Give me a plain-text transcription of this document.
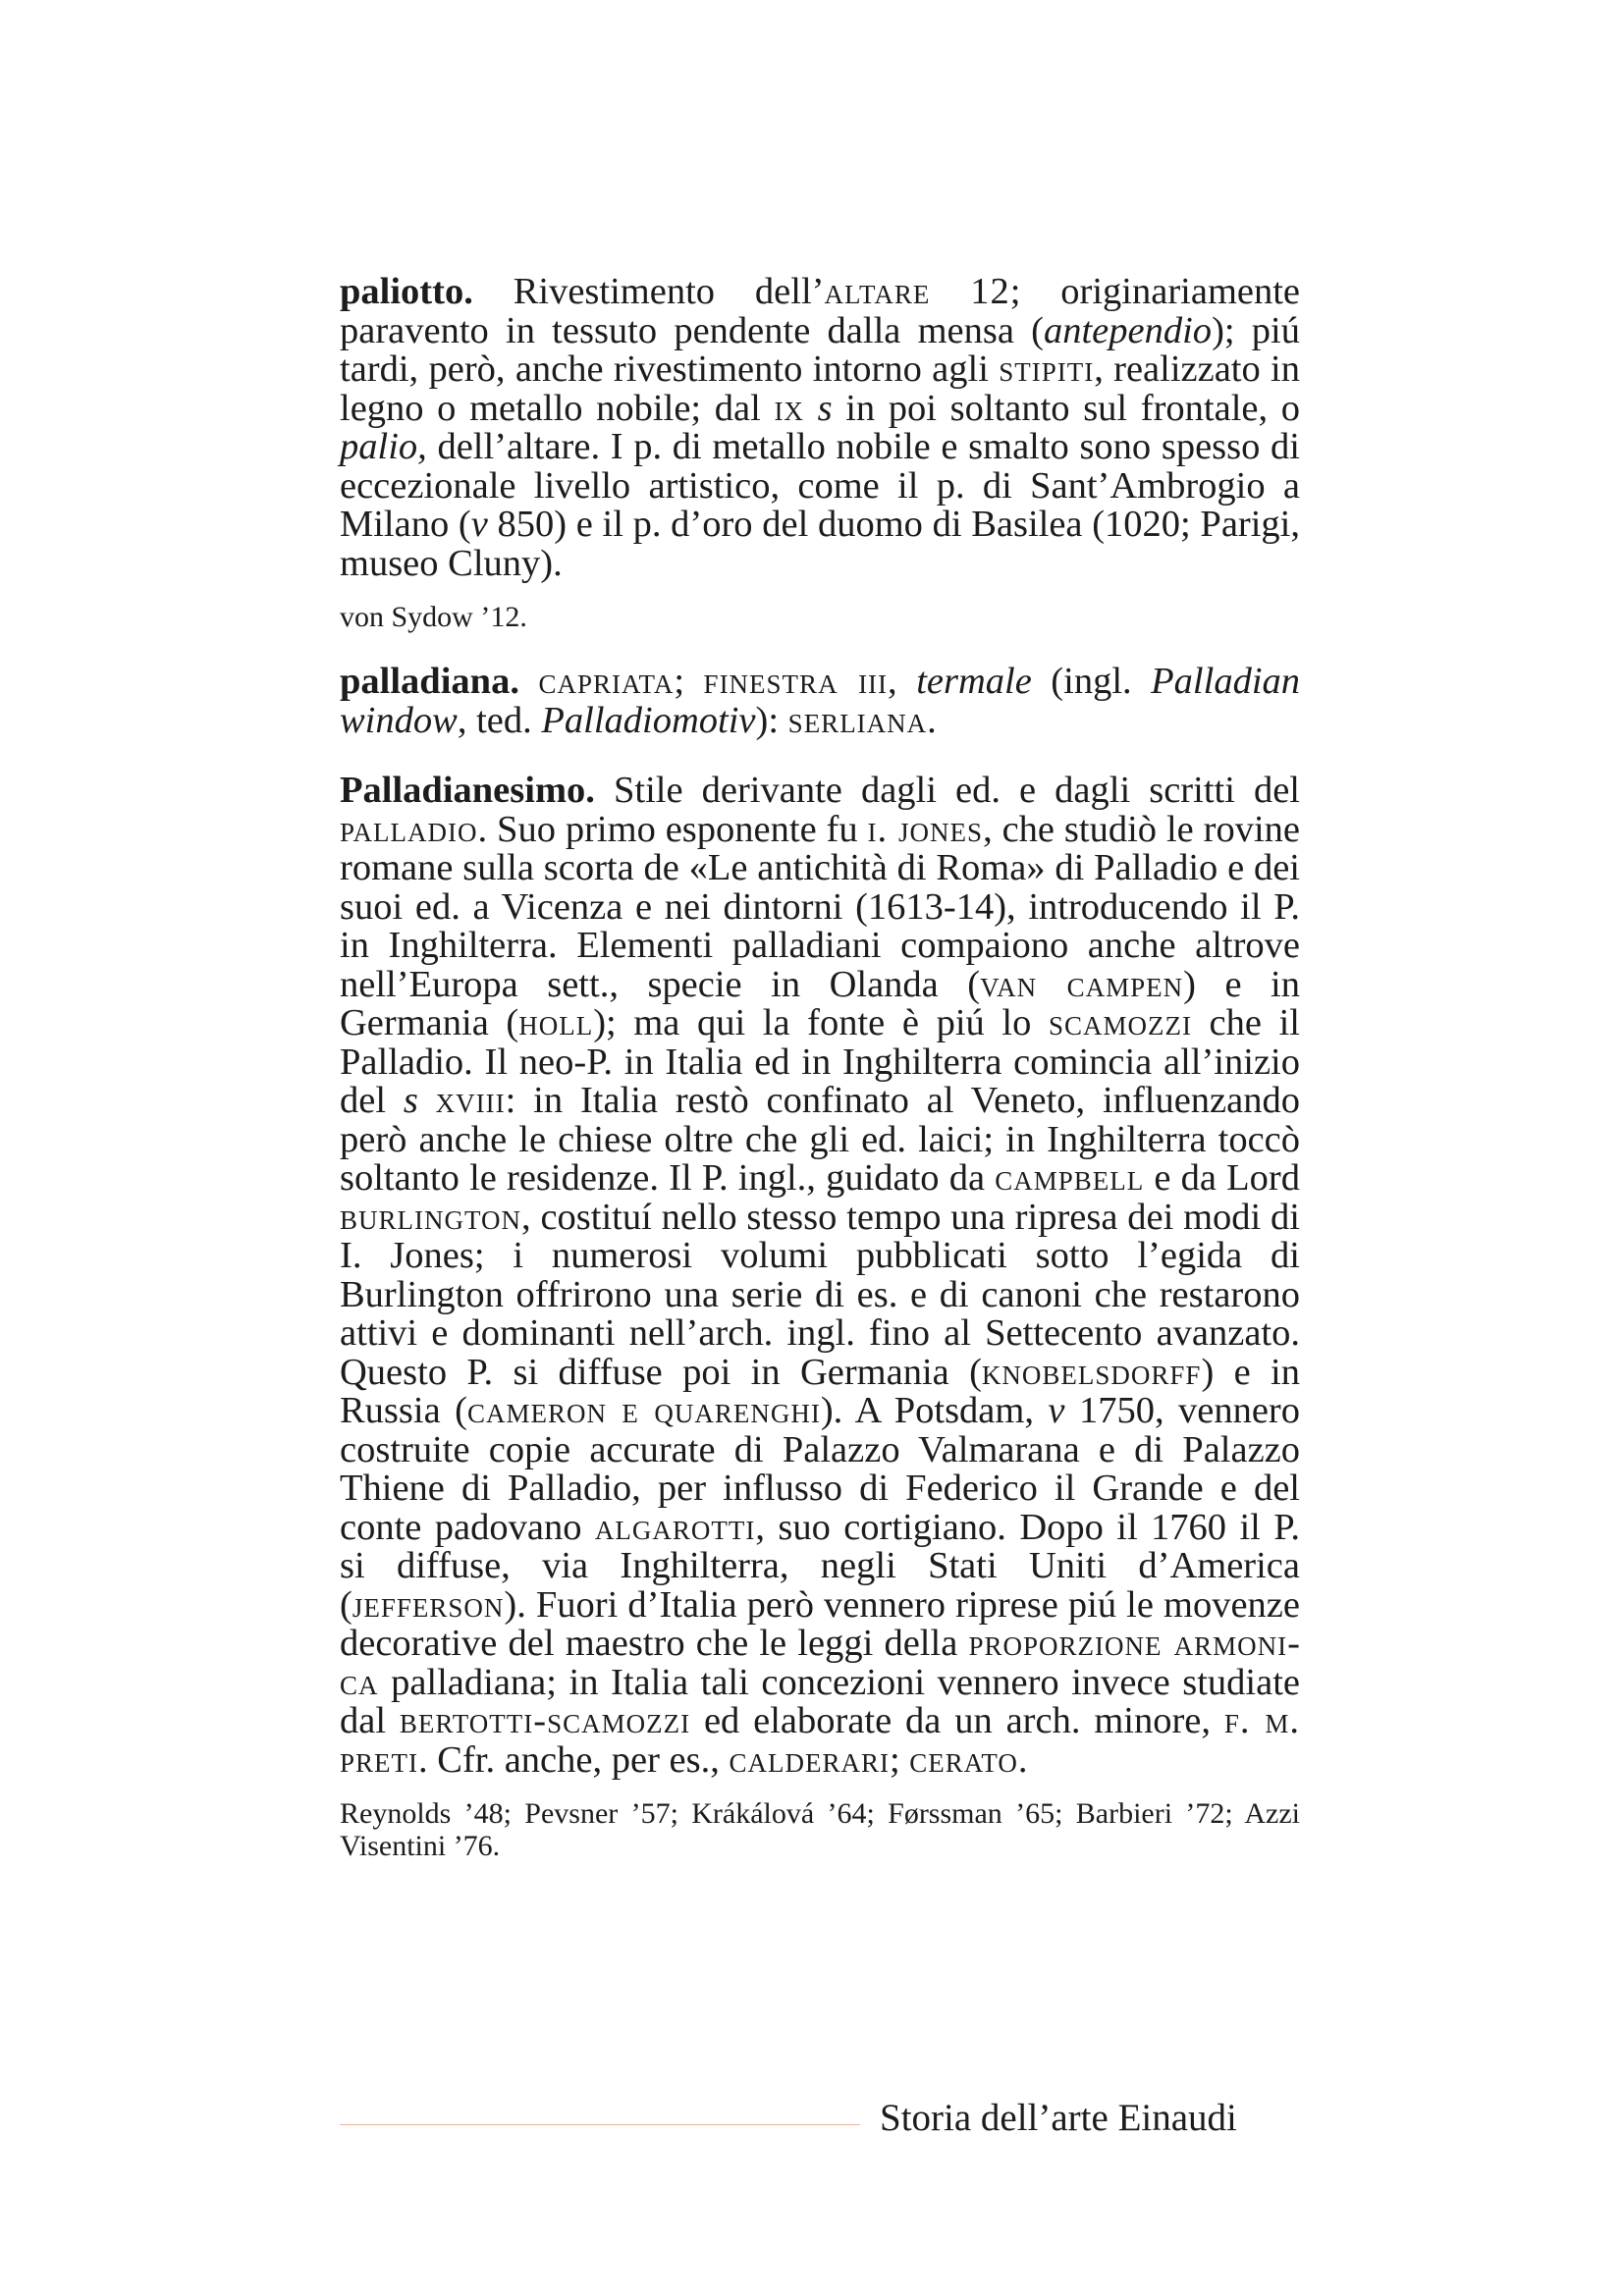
paliotto. Rivestimento dell’altare 12; originariamente paravento in tessuto pendente dalla mensa (antependio); piú tardi, però, anche rivestimento intorno agli stipiti, realizzato in legno o metallo nobile; dal ix s in poi soltanto sul frontale, o palio, dell’altare. I p. di metallo nobile e smalto sono spesso di eccezionale livello artistico, come il p. di Sant’Ambrogio a Milano (v 850) e il p. d’oro del duomo di Basilea (1020; Parigi, museo Cluny).

von Sydow ’12.

palladiana. capriata; finestra iii, termale (ingl. Palladian window, ted. Palladiomotiv): serliana.

Palladianesimo. Stile derivante dagli ed. e dagli scritti del palladio. Suo primo esponente fu i. jones, che studiò le rovine romane sulla scorta de «Le antichità di Roma» di Palladio e dei suoi ed. a Vicenza e nei dintorni (1613-14), introducendo il P. in Inghilterra. Elementi palladiani compaiono anche altrove nell’Europa sett., specie in Olanda (van campen) e in Germania (holl); ma qui la fonte è piú lo scamozzi che il Palladio. Il neo-P. in Italia ed in Inghilterra comincia all’inizio del s xviii: in Italia restò confinato al Veneto, influenzando però anche le chiese oltre che gli ed. laici; in Inghilterra toccò soltanto le residenze. Il P. ingl., guidato da campbell e da Lord burlington, costituí nello stesso tempo una ripresa dei modi di I. Jones; i numerosi volumi pubblicati sotto l’egida di Burlington offrirono una serie di es. e di canoni che restarono attivi e dominanti nell’arch. ingl. fino al Settecento avanzato. Questo P. si diffuse poi in Germania (knobelsdorff) e in Russia (cameron e quarenghi). A Potsdam, v 1750, vennero costruite copie accurate di Palazzo Valmarana e di Palazzo Thiene di Palladio, per influsso di Federico il Grande e del conte padovano algarotti, suo cortigiano. Dopo il 1760 il P. si diffuse, via Inghilterra, negli Stati Uniti d’America (jefferson). Fuori d’Italia però vennero riprese piú le movenze decorative del maestro che le leggi della proporzione armonica palladiana; in Italia tali concezioni vennero invece studiate dal bertotti-scamozzi ed elaborate da un arch. minore, f. m. preti. Cfr. anche, per es., calderari; cerato.

Reynolds ’48; Pevsner ’57; Krákálová ’64; Førssman ’65; Barbieri ’72; Azzi Visentini ’76.

Storia dell’arte Einaudi
